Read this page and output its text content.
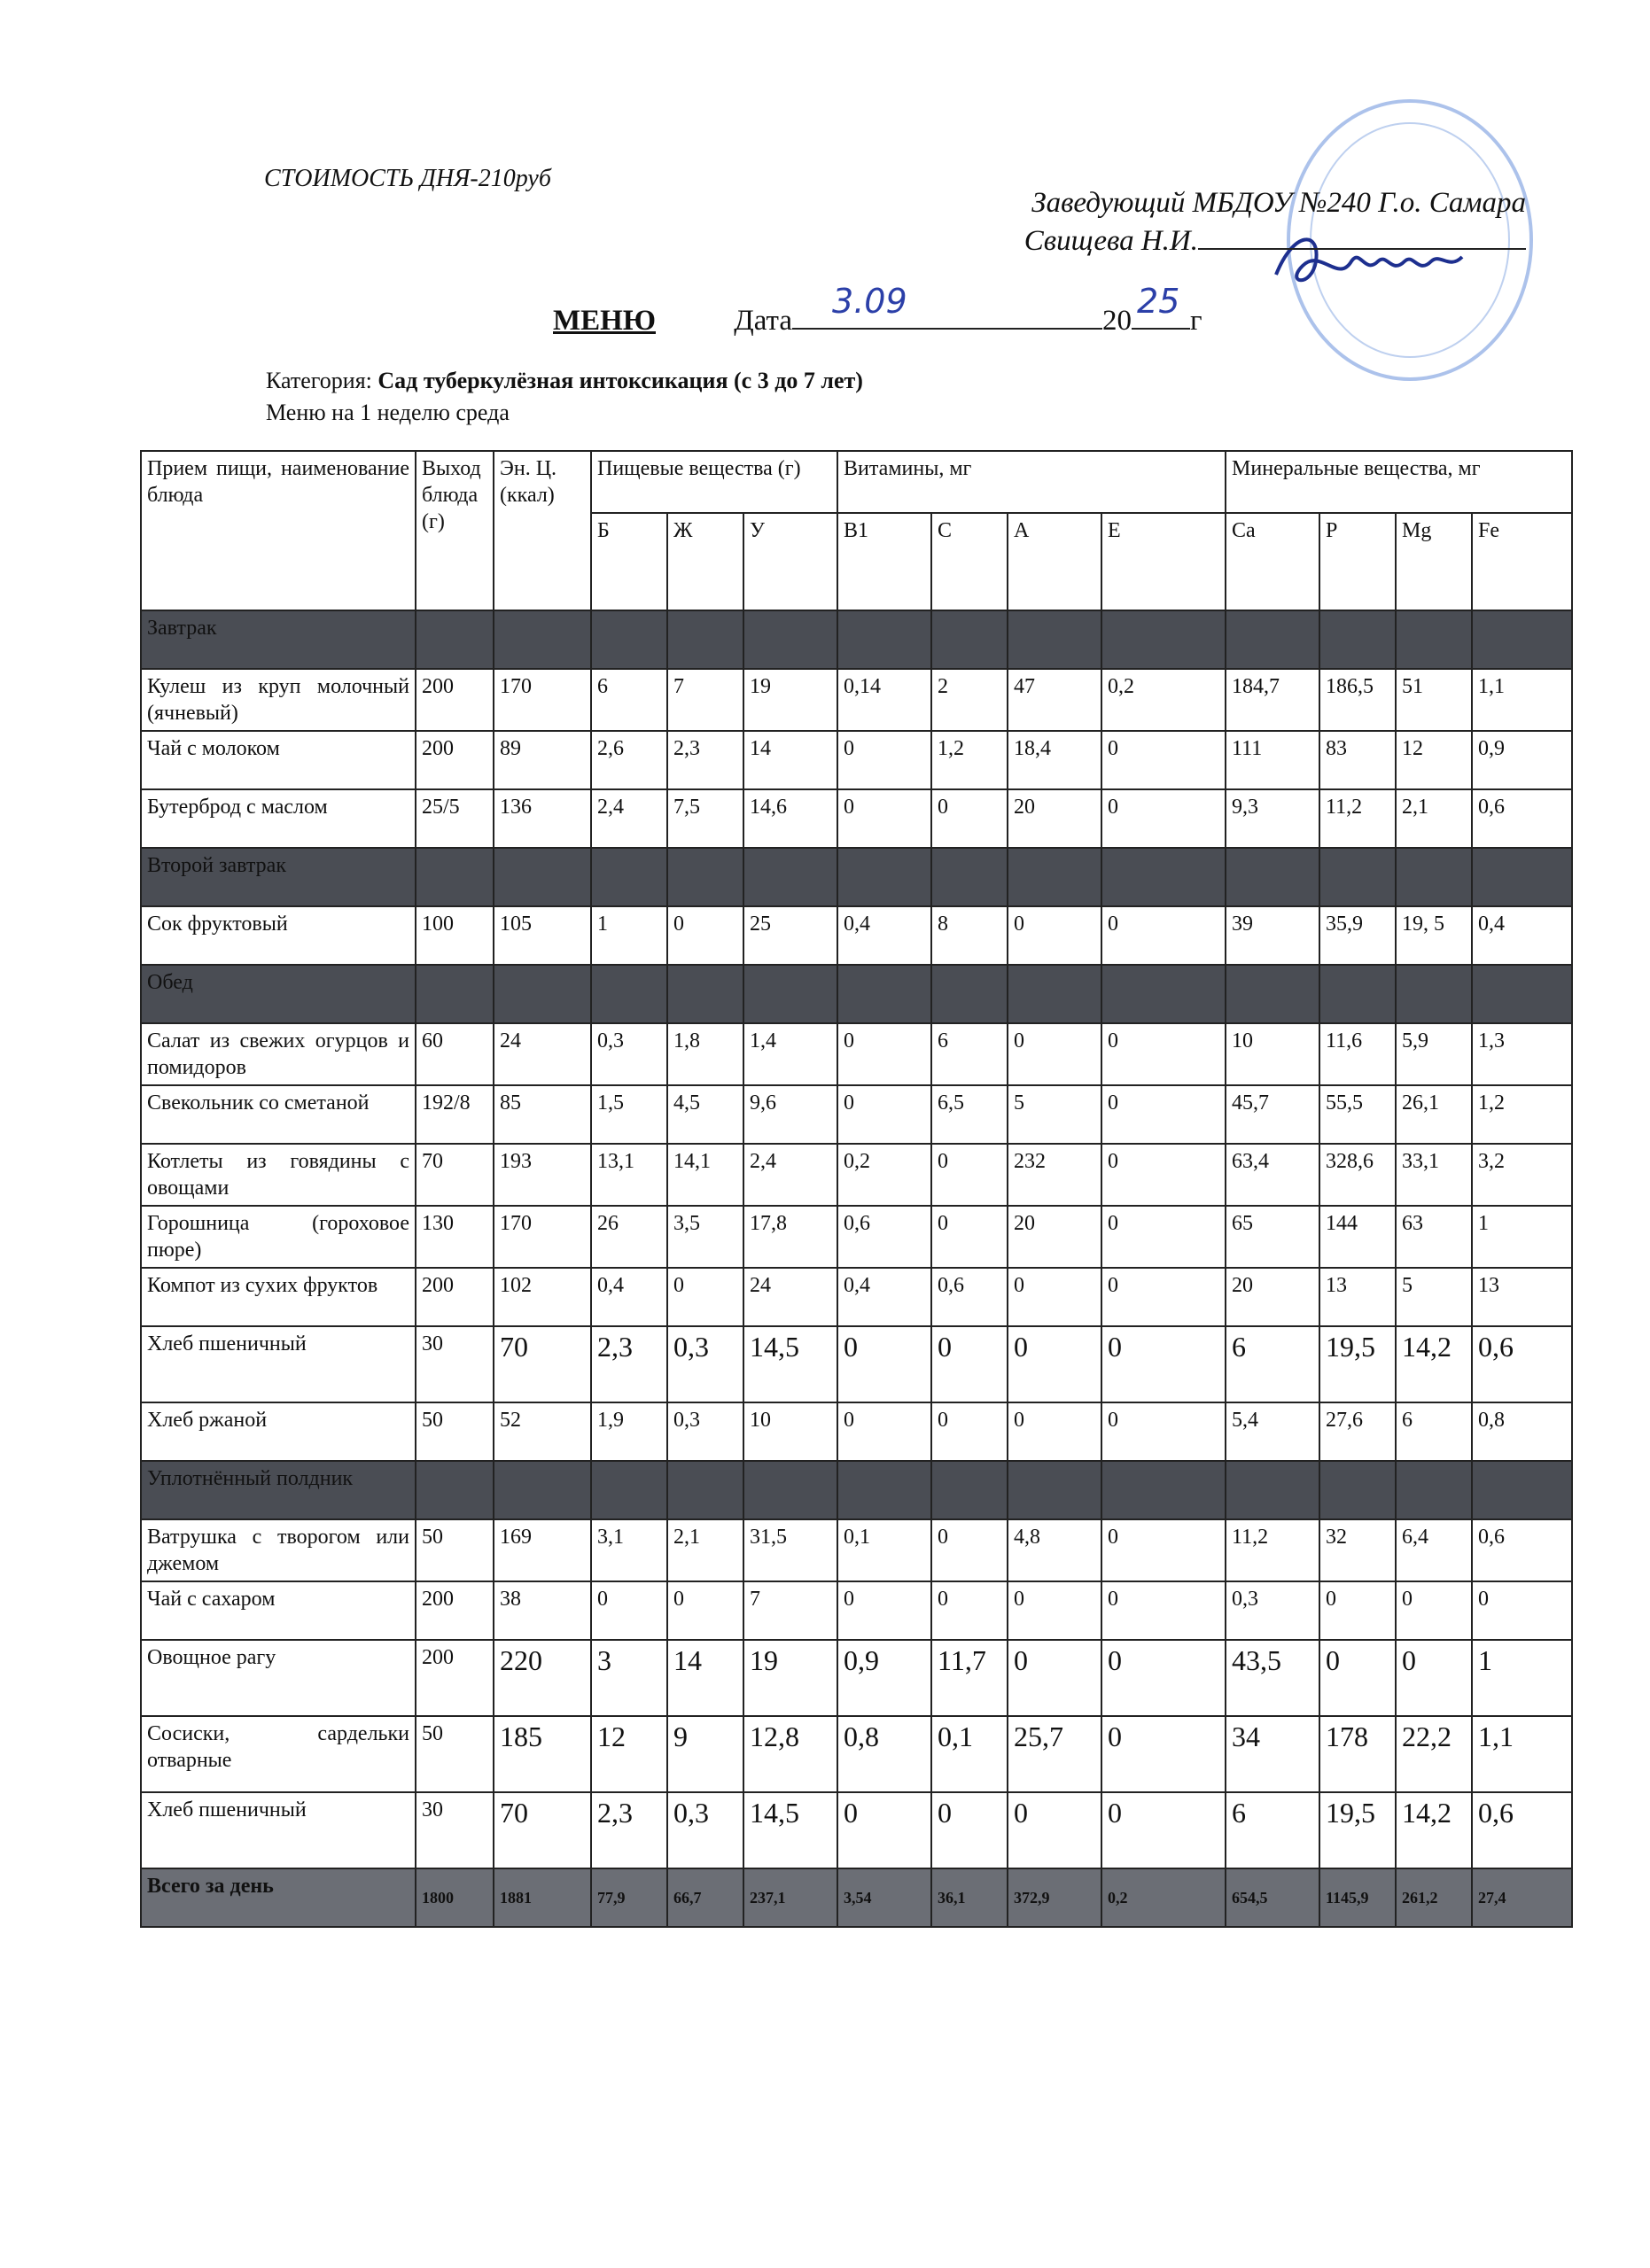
СТОИМОСТЬ ДНЯ-210руб
Заведующий МБДОУ №240 Г.о. Самара
Свищева Н.И.
МЕНЮ	Дата 3.09	20 25 г
Категория: Сад туберкулёзная интоксикация (с 3 до 7 лет)
Меню на 1 неделю среда
Прием пищи, наименование блюда	Выход блюда (г)	Эн. Ц. (ккал)	Пищевые вещества (г)			Витамины, мг				Минеральные вещества, мг			
			Б	Ж	У	B1	C	A	E	Ca	P	Mg	Fe
Завтрак													
Кулеш из круп молочный (ячневый)	200	170	6	7	19	0,14	2	47	0,2	184,7	186,5	51	1,1
Чай с молоком	200	89	2,6	2,3	14	0	1,2	18,4	0	111	83	12	0,9
Бутерброд с маслом	25/5	136	2,4	7,5	14,6	0	0	20	0	9,3	11,2	2,1	0,6
Второй завтрак													
Сок фруктовый	100	105	1	0	25	0,4	8	0	0	39	35,9	19, 5	0,4
Обед													
Салат из свежих огурцов и помидоров	60	24	0,3	1,8	1,4	0	6	0	0	10	11,6	5,9	1,3
Свекольник со сметаной	192/8	85	1,5	4,5	9,6	0	6,5	5	0	45,7	55,5	26,1	1,2
Котлеты из говядины с овощами	70	193	13,1	14,1	2,4	0,2	0	232	0	63,4	328,6	33,1	3,2
Горошница (гороховое пюре)	130	170	26	3,5	17,8	0,6	0	20	0	65	144	63	1
Компот из сухих фруктов	200	102	0,4	0	24	0,4	0,6	0	0	20	13	5	13
Хлеб пшеничный	30	70	2,3	0,3	14,5	0	0	0	0	6	19,5	14,2	0,6
Хлеб ржаной	50	52	1,9	0,3	10	0	0	0	0	5,4	27,6	6	0,8
Уплотнённый полдник													
Ватрушка с творогом или джемом	50	169	3,1	2,1	31,5	0,1	0	4,8	0	11,2	32	6,4	0,6
Чай с сахаром	200	38	0	0	7	0	0	0	0	0,3	0	0	0
Овощное рагу	200	220	3	14	19	0,9	11,7	0	0	43,5	0	0	1
Сосиски, сардельки отварные	50	185	12	9	12,8	0,8	0,1	25,7	0	34	178	22,2	1,1
Хлеб пшеничный	30	70	2,3	0,3	14,5	0	0	0	0	6	19,5	14,2	0,6
Всего за день	1800	1881	77,9	66,7	237,1	3,54	36,1	372,9	0,2	654,5	1145,9	261,2	27,4
